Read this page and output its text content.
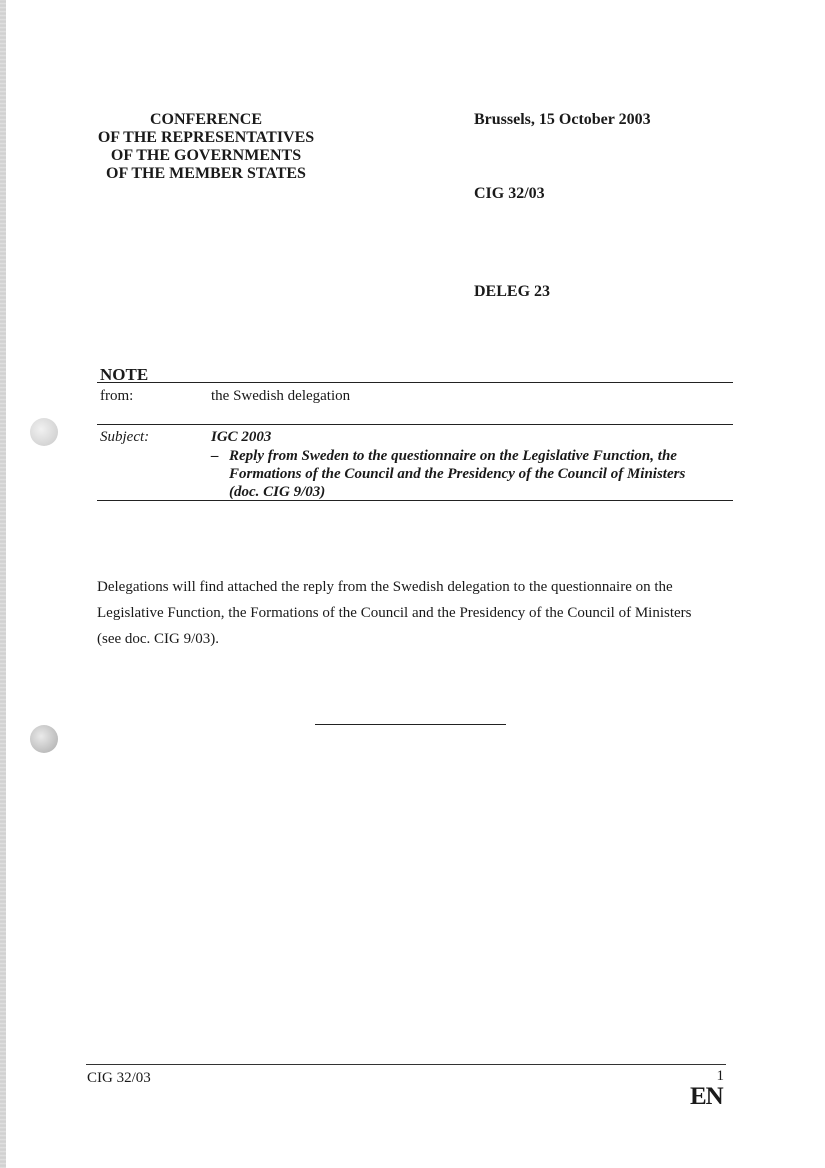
CONFERENCE
OF THE REPRESENTATIVES
OF THE GOVERNMENTS
OF THE MEMBER STATES
Brussels, 15 October 2003
CIG 32/03
DELEG 23
NOTE
from:	the Swedish delegation
Subject:	IGC 2003
– Reply from Sweden to the questionnaire on the Legislative Function, the
Formations of the Council and the Presidency of the Council of Ministers
(doc. CIG 9/03)
Delegations will find attached the reply from the Swedish delegation to the questionnaire on the
Legislative Function, the Formations of the Council and the Presidency of the Council of Ministers
(see doc. CIG 9/03).
CIG 32/03	1
EN
